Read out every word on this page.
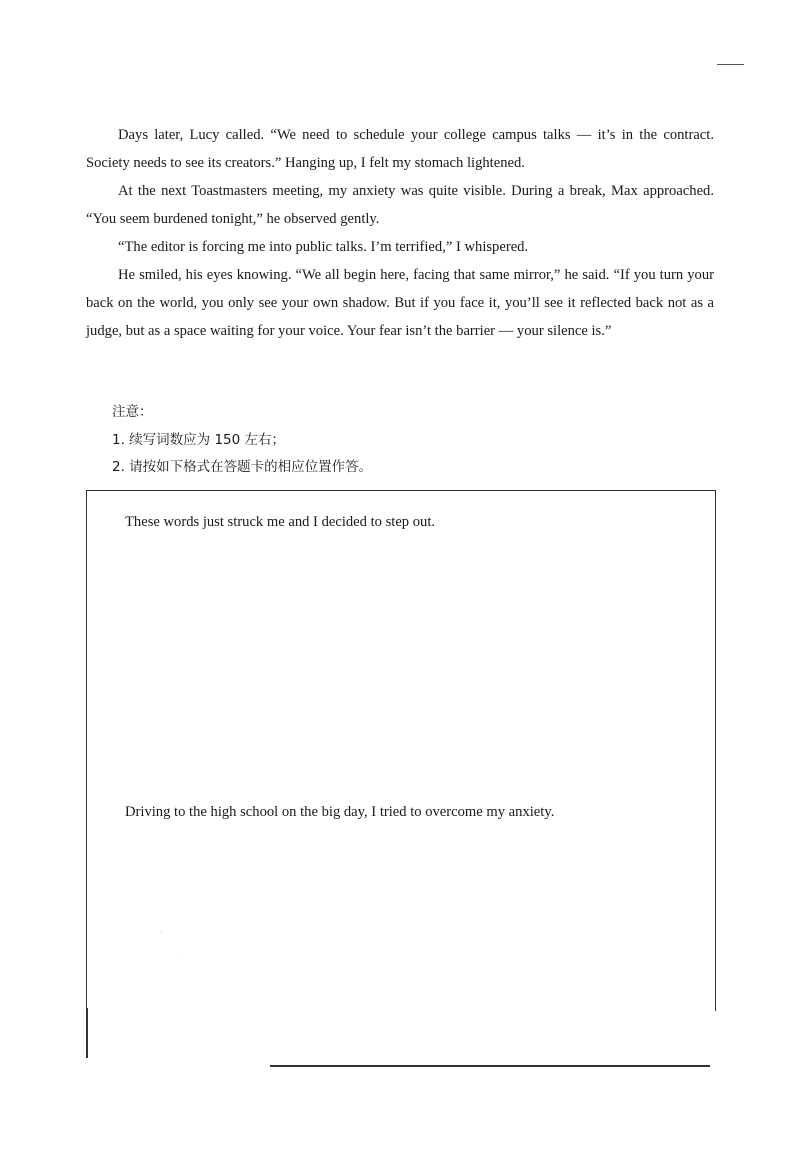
Days later, Lucy called. “We need to schedule your college campus talks — it’s in the contract. Society needs to see its creators.” Hanging up, I felt my stomach lightened.

At the next Toastmasters meeting, my anxiety was quite visible. During a break, Max approached. “You seem burdened tonight,” he observed gently.

“The editor is forcing me into public talks. I’m terrified,” I whispered.

He smiled, his eyes knowing. “We all begin here, facing that same mirror,” he said. “If you turn your back on the world, you only see your own shadow. But if you face it, you’ll see it reflected back not as a judge, but as a space waiting for your voice. Your fear isn’t the barrier — your silence is.”

注意：
1. 续写词数应为 150 左右；
2. 请按如下格式在答题卡的相应位置作答。
These words just struck me and I decided to step out.
Driving to the high school on the big day, I tried to overcome my anxiety.
‘
·
